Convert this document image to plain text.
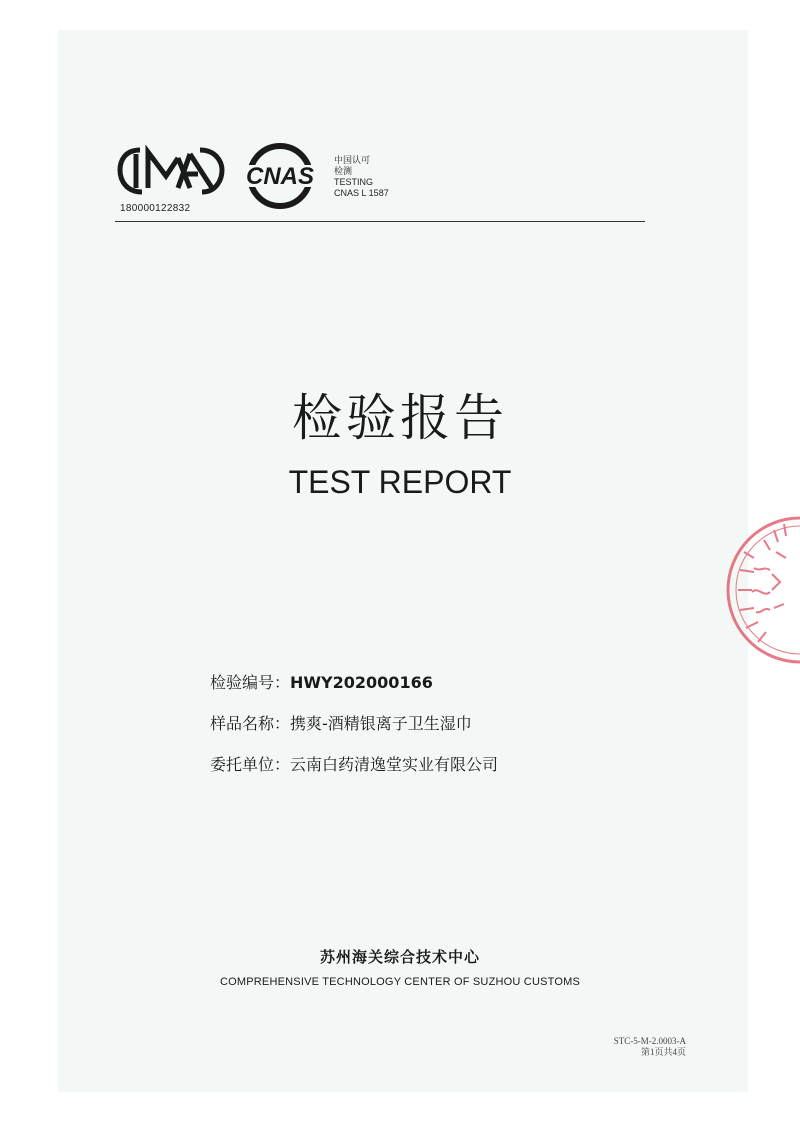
180000122832
CNAS
中国认可
检测
TESTING
CNAS L 1587
检验报告
TEST REPORT
检验编号：HWY202000166
样品名称：携爽-酒精银离子卫生湿巾
委托单位：云南白药清逸堂实业有限公司
苏州海关综合技术中心
COMPREHENSIVE TECHNOLOGY CENTER OF SUZHOU CUSTOMS
STC-5-M-2.0003-A
第1页共4页
